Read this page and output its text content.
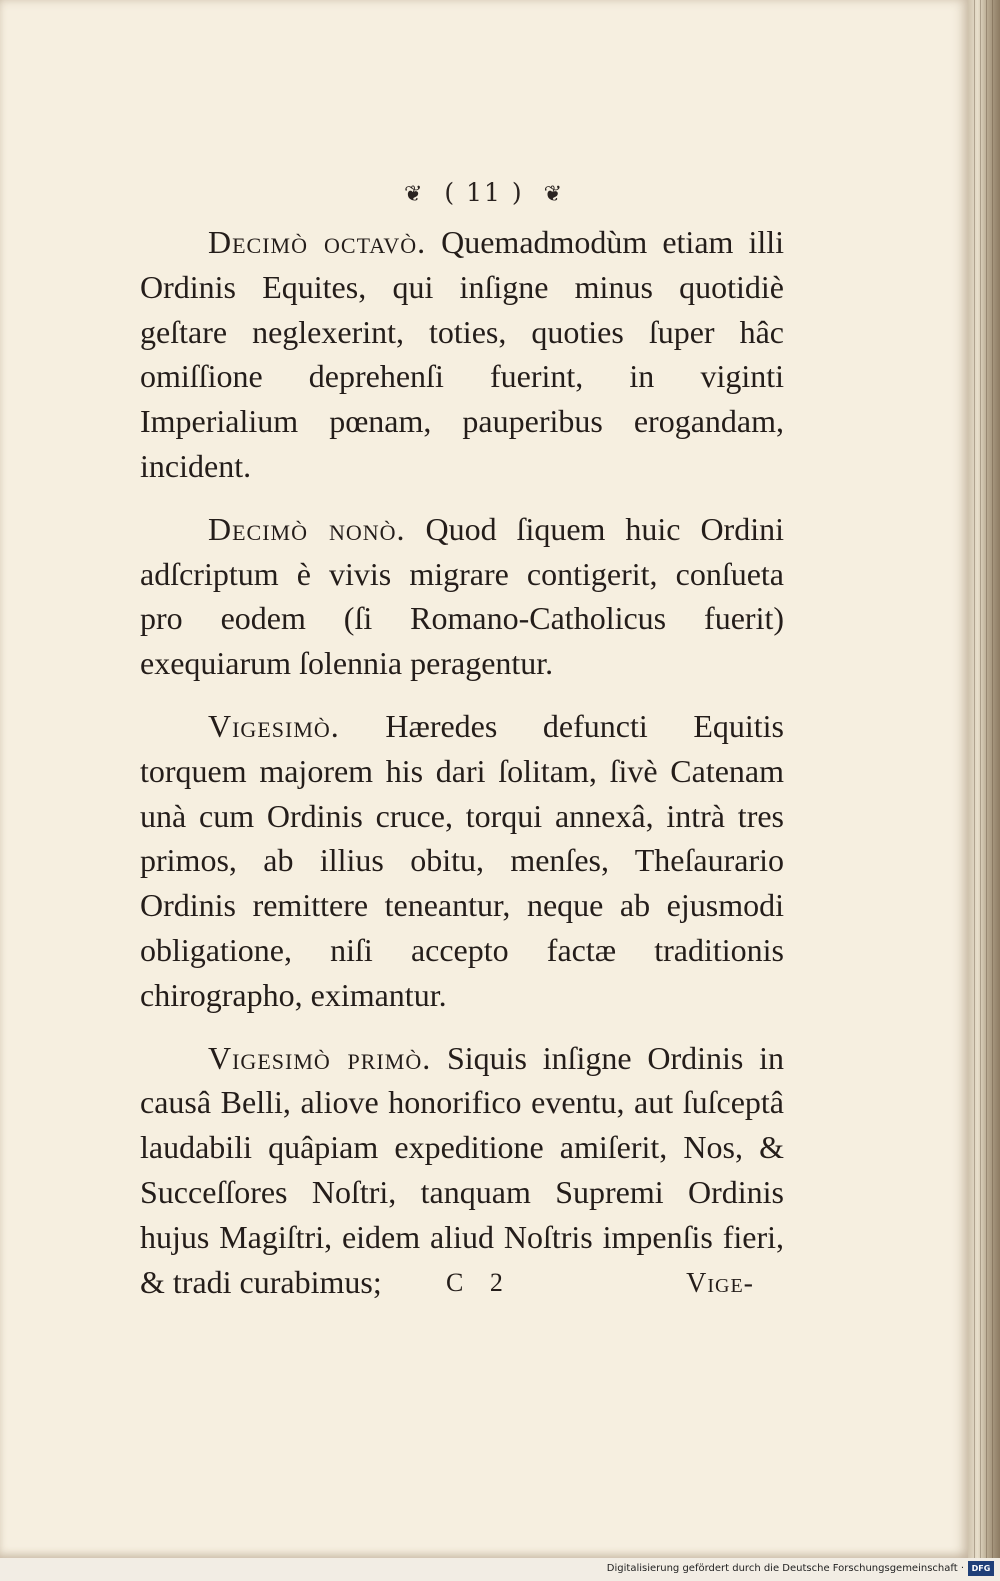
❦ ( 11 ) ❦

Decimò octavò. Quemadmodùm etiam illi Ordinis Equites, qui inſigne minus quotidiè geſtare neglexerint, toties, quoties ſuper hâc omiſſione deprehenſi fuerint, in viginti Imperialium pœnam, pauperibus erogandam, incident.

Decimò nonò. Quod ſiquem huic Ordini adſcriptum è vivis migrare contigerit, conſueta pro eodem (ſi Romano-Catholicus fuerit) exequiarum ſolennia peragentur.

Vigesimò. Hæredes defuncti Equitis torquem majorem his dari ſolitam, ſivè Catenam unà cum Ordinis cruce, torqui annexâ, intrà tres primos, ab illius obitu, menſes, Theſaurario Ordinis remittere teneantur, neque ab ejusmodi obligatione, niſi accepto factæ traditionis chirographo, eximantur.

Vigesimò primò. Siquis inſigne Ordinis in causâ Belli, aliove honorifico eventu, aut ſuſceptâ laudabili quâpiam expeditione amiſerit, Nos, & Succeſſores Noſtri, tanquam Supremi Ordinis hujus Magiſtri, eidem aliud Noſtris impenſis fieri, & tradi curabimus;	C 2	Vige-
Digitalisierung gefördert durch die Deutsche Forschungsgemeinschaft · DFG
